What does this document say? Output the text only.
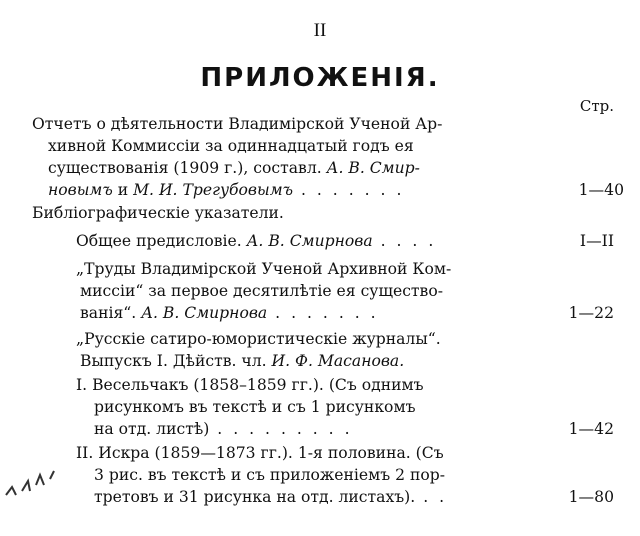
II
ПРИЛОЖЕНІЯ.
Стр.
Отчетъ о дѣятельности Владимірской Ученой Ар-
хивной Коммиссіи за одиннадцатый годъ ея
существованія (1909 г.), составл. А. В. Смир-
новымъ и М. И. Трегубовымъ . . . . . . .	1—40
Библіографическіе указатели.
Общее предисловіе. А. В. Смирнова . . . .	I—II
„Труды Владимірской Ученой Архивной Ком-
миссіи“ за первое десятилѣтіе ея существо-
ванія“. А. В. Смирнова . . . . . . .	1—22
„Русскіе сатиро-юмористическіе журналы“.
Выпускъ І. Дѣйств. чл. И. Ф. Масанова.
I. Весельчакъ (1858–1859 гг.). (Съ однимъ
рисункомъ въ текстѣ и съ 1 рисункомъ
на отд. листѣ) . . . . . . . . .	1—42
II. Искра (1859—1873 гг.). 1-я половина. (Съ
3 рис. въ текстѣ и съ приложеніемъ 2 пор-
третовъ и 31 рисунка на отд. листахъ). . .	1—80
